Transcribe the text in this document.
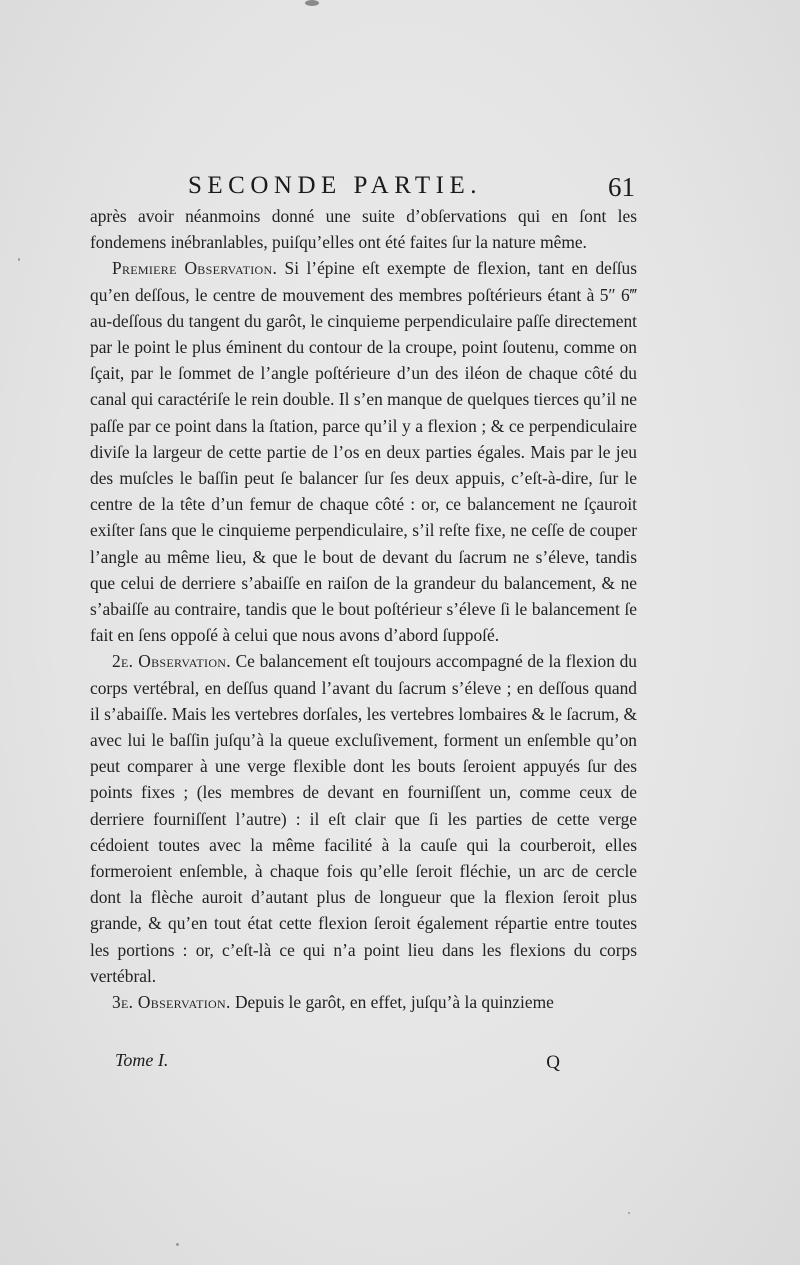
SECONDE PARTIE.	61

après avoir néanmoins donné une suite d’obſervations qui en ſont les fondemens inébranlables, puiſqu’elles ont été faites ſur la nature même.

Premiere Observation. Si l’épine eſt exempte de flexion, tant en deſſus qu’en deſſous, le centre de mouvement des membres poſtérieurs étant à 5″ 6‴ au-deſſous du tangent du garôt, le cinquieme perpendiculaire paſſe directement par le point le plus éminent du contour de la croupe, point ſoutenu, comme on ſçait, par le ſommet de l’angle poſtérieure d’un des iléon de chaque côté du canal qui caractériſe le rein double. Il s’en manque de quelques tierces qu’il ne paſſe par ce point dans la ſtation, parce qu’il y a flexion ; & ce perpendiculaire diviſe la largeur de cette partie de l’os en deux parties égales. Mais par le jeu des muſcles le baſſin peut ſe balancer ſur ſes deux appuis, c’eſt-à-dire, ſur le centre de la tête d’un femur de chaque côté : or, ce balancement ne ſçauroit exiſter ſans que le cinquieme perpendiculaire, s’il reſte fixe, ne ceſſe de couper l’angle au même lieu, & que le bout de devant du ſacrum ne s’éleve, tandis que celui de derriere s’abaiſſe en raiſon de la grandeur du balancement, & ne s’abaiſſe au contraire, tandis que le bout poſtérieur s’éleve ſi le balancement ſe fait en ſens oppoſé à celui que nous avons d’abord ſuppoſé.

2e. Observation. Ce balancement eſt toujours accompagné de la flexion du corps vertébral, en deſſus quand l’avant du ſacrum s’éleve ; en deſſous quand il s’abaiſſe. Mais les vertebres dorſales, les vertebres lombaires & le ſacrum, & avec lui le baſſin juſqu’à la queue excluſivement, forment un enſemble qu’on peut comparer à une verge flexible dont les bouts ſeroient appuyés ſur des points fixes ; (les membres de devant en fourniſſent un, comme ceux de derriere fourniſſent l’autre) : il eſt clair que ſi les parties de cette verge cédoient toutes avec la même facilité à la cauſe qui la courberoit, elles formeroient enſemble, à chaque fois qu’elle ſeroit fléchie, un arc de cercle dont la flèche auroit d’autant plus de longueur que la flexion ſeroit plus grande, & qu’en tout état cette flexion ſeroit également répartie entre toutes les portions : or, c’eſt-là ce qui n’a point lieu dans les flexions du corps vertébral.

3e. Observation. Depuis le garôt, en effet, juſqu’à la quinzieme

Tome I.	Q
